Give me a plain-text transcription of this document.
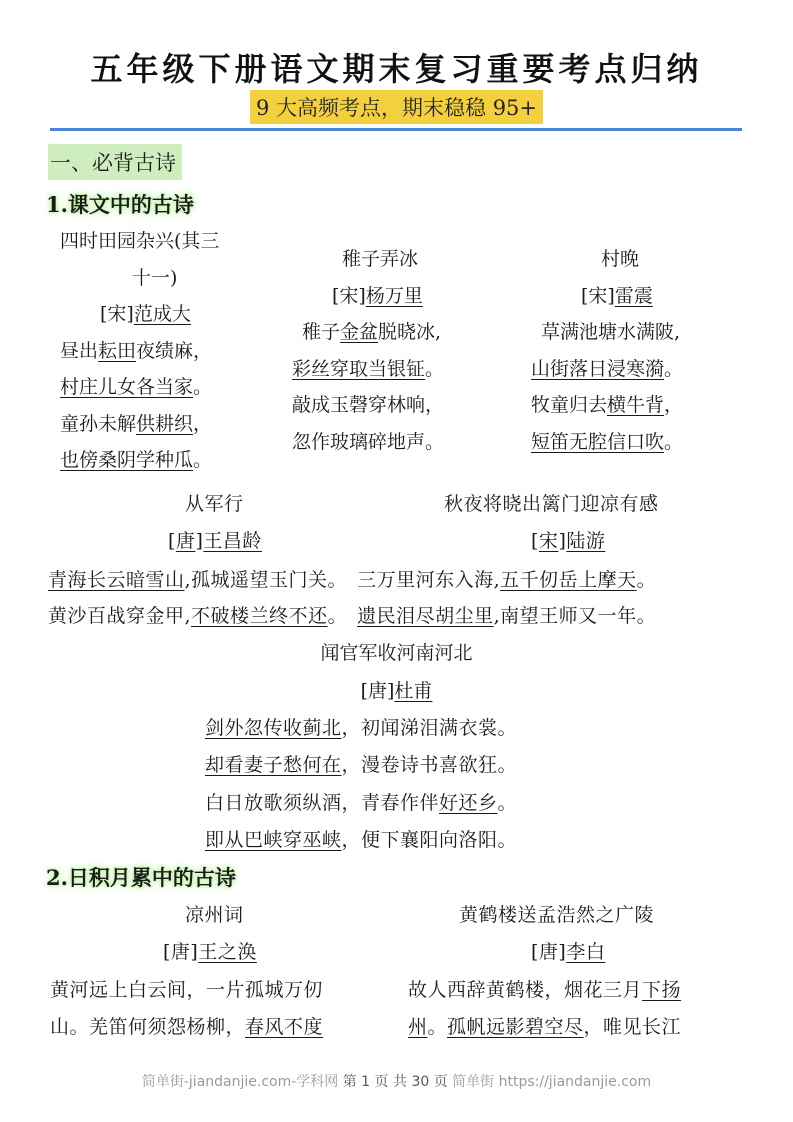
五年级下册语文期末复习重要考点归纳
9 大高频考点，期末稳稳 95+
一、必背古诗
1.课文中的古诗
四时田园杂兴(其三
十一)
[宋]范成大
昼出耘田夜绩麻，
村庄儿女各当家。
童孙未解供耕织，
也傍桑阴学种瓜。
稚子弄冰
[宋]杨万里
稚子金盆脱晓冰,
彩丝穿取当银钲。
敲成玉磬穿林响，
忽作玻璃碎地声。
村晚
[宋]雷震
草满池塘水满陂,
山街落日浸寒漪。
牧童归去横牛背，
短笛无腔信口吹。
从军行
[唐]王昌龄
秋夜将晓出篱门迎凉有感
[宋]陆游
青海长云暗雪山,孤城遥望玉门关。 三万里河东入海,五千仞岳上摩天。
黄沙百战穿金甲,不破楼兰终不还。 遗民泪尽胡尘里,南望王师又一年。
闻官军收河南河北
[唐]杜甫
剑外忽传收蓟北，初闻涕泪满衣裳。
却看妻子愁何在，漫卷诗书喜欲狂。
白日放歌须纵酒，青春作伴好还乡。
即从巴峡穿巫峡，便下襄阳向洛阳。
2.日积月累中的古诗
凉州词
[唐]王之涣
黄河远上白云间，一片孤城万仞
山。羌笛何须怨杨柳，春风不度
黄鹤楼送孟浩然之广陵
[唐]李白
故人西辞黄鹤楼，烟花三月下扬
州。孤帆远影碧空尽，唯见长江
简单街-jiandanjie.com-学科网 第 1 页 共 30 页 简单街 https://jiandanjie.com
